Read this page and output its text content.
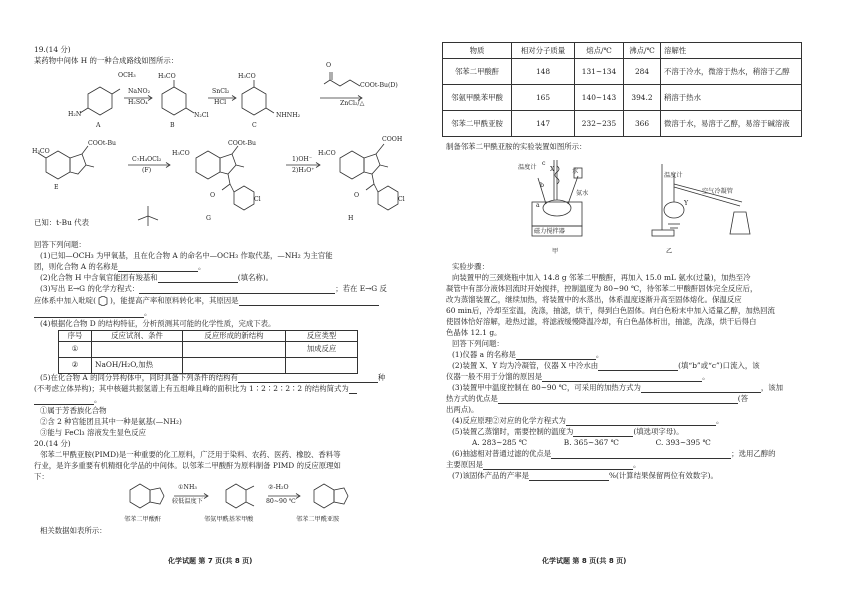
19.(14 分)
某药物中间体 H 的一种合成路线如图所示：
OCH₃
H₂N
A
NaNO₂
H₂SO₄
H₃CO
N₂Cl
B
SnCl₂
HCl
H₃CO
NHNH₂
C
O
COOt-Bu(D)
ZnCl₂/△
COOt-Bu
H₃CO
E
C₇H₄OCl₂
(F)
COOt-Bu
H₃CO
O
Cl
G
1)OH⁻
2)H₃O⁺
COOH
H₃CO
O
Cl
H
已知：t-Bu 代表
回答下列问题：
(1)已知—OCH₃ 为甲氧基，且在化合物 A 的命名中—OCH₃ 作取代基，—NH₂ 为主官能
团，则化合物 A 的名称是	。
(2)化合物 H 中含氧官能团有羧基和	(填名称)。
(3)写出 E→G 的化学方程式：	；若在 E→G 反
应体系中加入吡啶( )，能提高产率和原料转化率，其原因是
。
(4)根据化合物 D 的结构特征，分析预测其可能的化学性质，完成下表。
序号	反应试剂、条件	反应形成的新结构	反应类型
①			加成反应
②	NaOH/H₂O,加热		
(5)在化合物 A 的同分异构体中，同时具备下列条件的结构有	种
(不考虑立体异构)；其中核磁共振氢谱上有五组峰且峰的面积比为 1∶2∶2∶2∶2 的结构简式为
。
①属于芳香族化合物
②含 2 种官能团且其中一种是氨基(—NH₂)
③能与 FeCl₃ 溶液发生显色反应
20.(14 分)
邻苯二甲酰亚胺(PIMD)是一种重要的化工原料，广泛用于染料、农药、医药、橡胶、香料等
行业，是许多重要有机精细化学品的中间体。以邻苯二甲酸酐为原料制备 PIMD 的反应原理如
下：
①NH₃
较低温度下
②-H₂O
80~90 ℃
邻苯二甲酸酐	邻氨甲酰基苯甲酸	邻苯二甲酰亚胺
相关数据如表所示：
化学试题 第 7 页(共 8 页)
物质	相对分子质量	熔点/℃	沸点/℃	溶解性
邻苯二甲酸酐	148	131~134	284	不溶于冷水，微溶于热水，稍溶于乙醇
邻氨甲酰苯甲酸	165	140~143	394.2	稍溶于热水
邻苯二甲酰亚胺	147	232~235	366	微溶于水，易溶于乙醇，易溶于碱溶液
制备邻苯二甲酰亚胺的实验装置如图所示：
温度计 X	水
氨水
a
b
c
磁力搅拌器
温度计
空气冷凝管
Y
甲	乙
实验步骤：
向装置甲的三颈烧瓶中加入 14.8 g 邻苯二甲酸酐，再加入 15.0 mL 氨水(过量)，加热至冷
凝管中有部分液体回流时开始搅拌，控制温度为 80~90 ℃，待邻苯二甲酸酐固体完全反应后，
改为蒸馏装置乙，继续加热，将装置中的水蒸出，体系温度逐渐升高至固体熔化。保温反应
60 min后，冷却至室温，洗涤，抽滤，烘干，得到白色固体。向白色粉末中加入适量乙醇，加热回流
使固体恰好溶解，趁热过滤，将滤液缓慢降温冷却，有白色晶体析出，抽滤，洗涤，烘干后得白
色晶体 12.1 g。
回答下列问题：
(1)仪器 a 的名称是	。
(2)装置 X、Y 均为冷凝管，仪器 X 中冷水由	(填“b”或“c”)口流入，该
仪器一般不用于分馏的原因是	。
(3)装置甲中温度控制在 80~90 ℃，可采用的加热方式为	，该加
热方式的优点是	(答
出两点)。
(4)反应原理②对应的化学方程式为	。
(5)装置乙蒸馏时，需要控制的温度为	(填选项字母)。
A. 283~285 ℃	B. 365~367 ℃	C. 393~395 ℃
(6)抽滤相对普通过滤的优点是	；选用乙醇的
主要原因是	。
(7)该固体产品的产率是	%(计算结果保留两位有效数字)。
化学试题 第 8 页(共 8 页)
